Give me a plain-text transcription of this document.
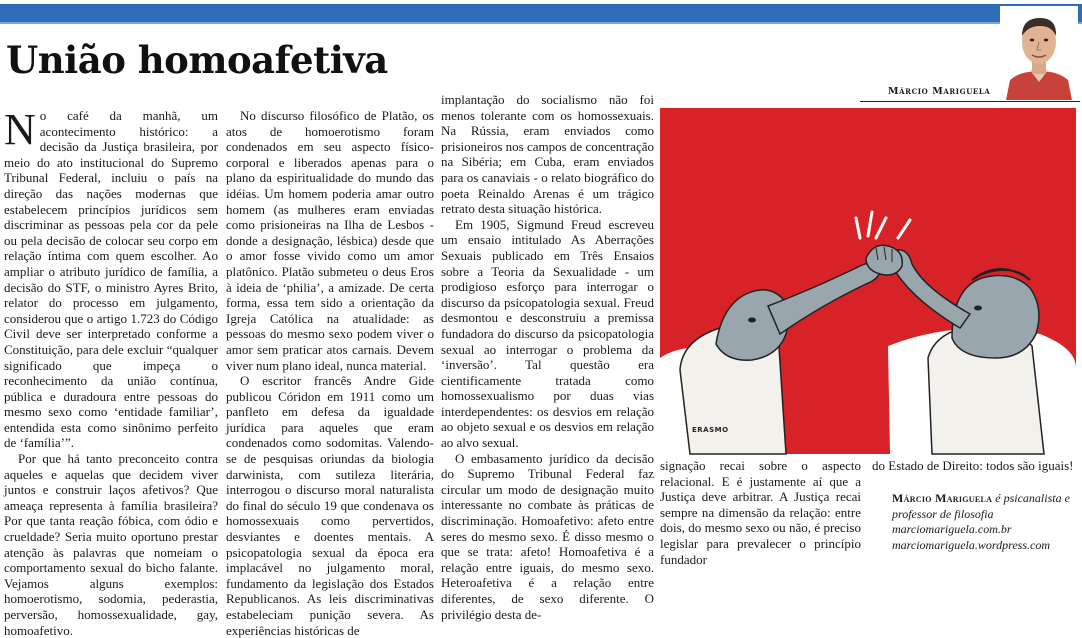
União homoafetiva
Márcio Mariguela

No café da manhã, um acontecimento histórico: a decisão da Justiça brasileira, por meio do ato institucional do Supremo Tribunal Federal, incluiu o país na direção das nações modernas que estabelecem princípios jurídicos sem discriminar as pessoas pela cor da pele ou pela decisão de colocar seu corpo em relação íntima com quem escolher. Ao ampliar o atributo jurídico de família, a decisão do STF, o ministro Ayres Brito, relator do processo em julgamento, considerou que o artigo 1.723 do Código Civil deve ser interpretado conforme a Constituição, para dele excluir “qualquer significado que impeça o reconhecimento da união contínua, pública e duradoura entre pessoas do mesmo sexo como ‘entidade familiar’, entendida esta como sinônimo perfeito de ‘família’”.

Por que há tanto preconceito contra aqueles e aquelas que decidem viver juntos e construir laços afetivos? Que ameaça representa à família brasileira? Por que tanta reação fóbica, com ódio e crueldade? Seria muito oportuno prestar atenção às palavras que nomeiam o comportamento sexual do bicho falante. Vejamos alguns exemplos: homoerotismo, sodomia, pederastia, perversão, homossexualidade, gay, homoafetivo.

No discurso filosófico de Platão, os atos de homoerotismo foram condenados em seu aspecto físico-corporal e liberados apenas para o plano da espiritualidade do mundo das idéias. Um homem poderia amar outro homem (as mulheres eram enviadas como prisioneiras na Ilha de Lesbos - donde a designação, lésbica) desde que o amor fosse vivido como um amor platônico. Platão submeteu o deus Eros à ideia de ‘philia’, a amizade. De certa forma, essa tem sido a orientação da Igreja Católica na atualidade: as pessoas do mesmo sexo podem viver o amor sem praticar atos carnais. Devem viver num plano ideal, nunca material.

O escritor francês Andre Gide publicou Córidon em 1911 como um panfleto em defesa da igualdade jurídica para aqueles que eram condenados como sodomitas. Valendo-se de pesquisas oriundas da biologia darwinista, com sutileza literária, interrogou o discurso moral naturalista do final do século 19 que condenava os homossexuais como pervertidos, desviantes e doentes mentais. A psicopatologia sexual da época era implacável no julgamento moral, fundamento da legislação dos Estados Republicanos. As leis discriminativas estabeleciam punição severa. As experiências históricas de

implantação do socialismo não foi menos tolerante com os homossexuais. Na Rússia, eram enviados como prisioneiros nos campos de concentração na Sibéria; em Cuba, eram enviados para os canaviais - o relato biográfico do poeta Reinaldo Arenas é um trágico retrato desta situação histórica.

Em 1905, Sigmund Freud escreveu um ensaio intitulado As Aberrações Sexuais publicado em Três Ensaios sobre a Teoria da Sexualidade - um prodigioso esforço para interrogar o discurso da psicopatologia sexual. Freud desmontou e desconstruiu a premissa fundadora do discurso da psicopatologia sexual ao interrogar o problema da ‘inversão’. Tal questão era cientificamente tratada como homossexualismo por duas vias interdependentes: os desvios em relação ao objeto sexual e os desvios em relação ao alvo sexual.

O embasamento jurídico da decisão do Supremo Tribunal Federal faz circular um modo de designação muito interessante no combate às práticas de discriminação. Homoafetivo: afeto entre seres do mesmo sexo. É disso mesmo o que se trata: afeto! Homoafetiva é a relação entre iguais, do mesmo sexo. Heteroafetiva é a relação entre diferentes, de sexo diferente. O privilégio desta de-

ERASMO

signação recai sobre o aspecto relacional. E é justamente aí que a Justiça deve arbitrar. A Justiça recai sempre na dimensão da relação: entre dois, do mesmo sexo ou não, é preciso legislar para prevalecer o princípio fundador

do Estado de Direito: todos são iguais!
Márcio Mariguela é psicanalista e professor de filosofia
marciomariguela.com.br
marciomariguela.wordpress.com
